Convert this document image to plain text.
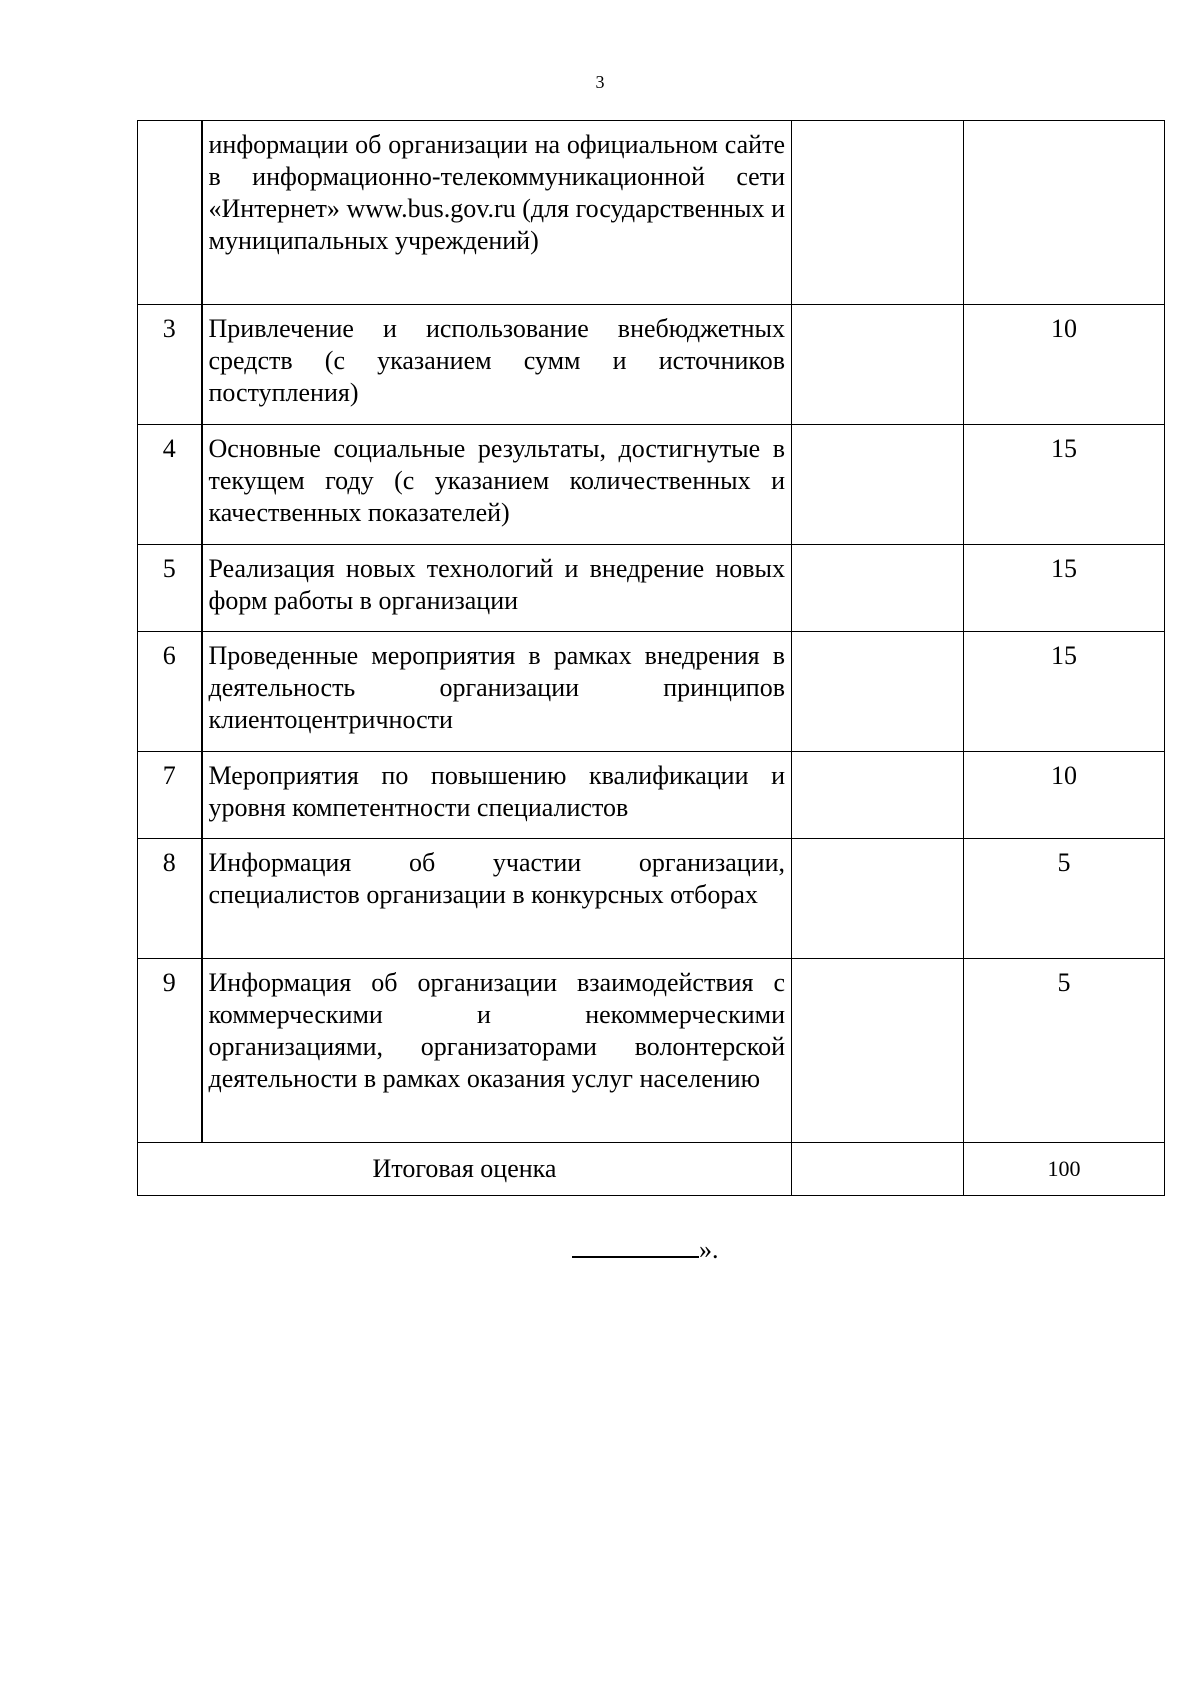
3
	информации об организации на официальном сайте в информационно-телекоммуникационной сети «Интернет» www.bus.gov.ru (для государственных и муниципальных учреждений)		
3	Привлечение и использование внебюджетных средств (с указанием сумм и источников поступления)		10
4	Основные социальные результаты, достигнутые в текущем году (с указанием количественных и качественных показателей)		15
5	Реализация новых технологий и внедрение новых форм работы в организации		15
6	Проведенные мероприятия в рамках внедрения в деятельность организации принципов клиентоцентричности		15
7	Мероприятия по повышению квалификации и уровня компетентности специалистов		10
8	Информация об участии организации, специалистов организации в конкурсных отборах		5
9	Информация об организации взаимодействия с коммерческими и некоммерческими организациями, организаторами волонтерской деятельности в рамках оказания услуг населению		5
Итоговая оценка			100
».
